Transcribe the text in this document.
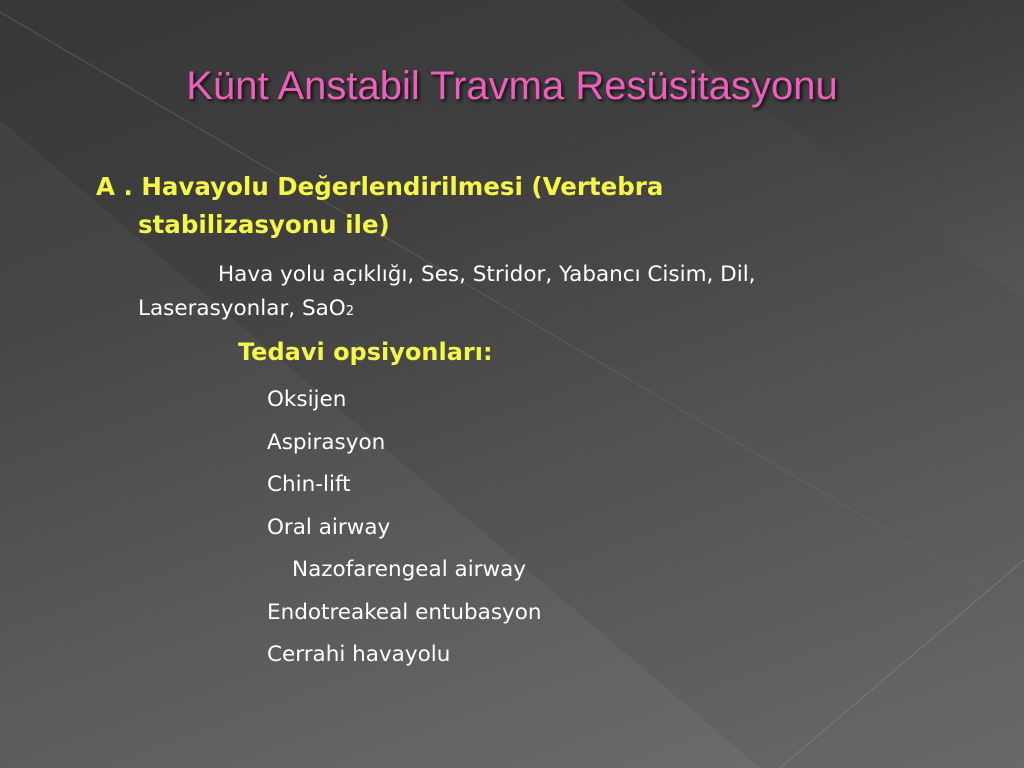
Künt Anstabil Travma Resüsitasyonu
A . Havayolu Değerlendirilmesi (Vertebra
stabilizasyonu ile)
Hava yolu açıklığı, Ses, Stridor, Yabancı Cisim, Dil,
Laserasyonlar, SaO2
Tedavi opsiyonları:
Oksijen
Aspirasyon
Chin-lift
Oral airway
Nazofarengeal airway
Endotreakeal entubasyon
Cerrahi havayolu
